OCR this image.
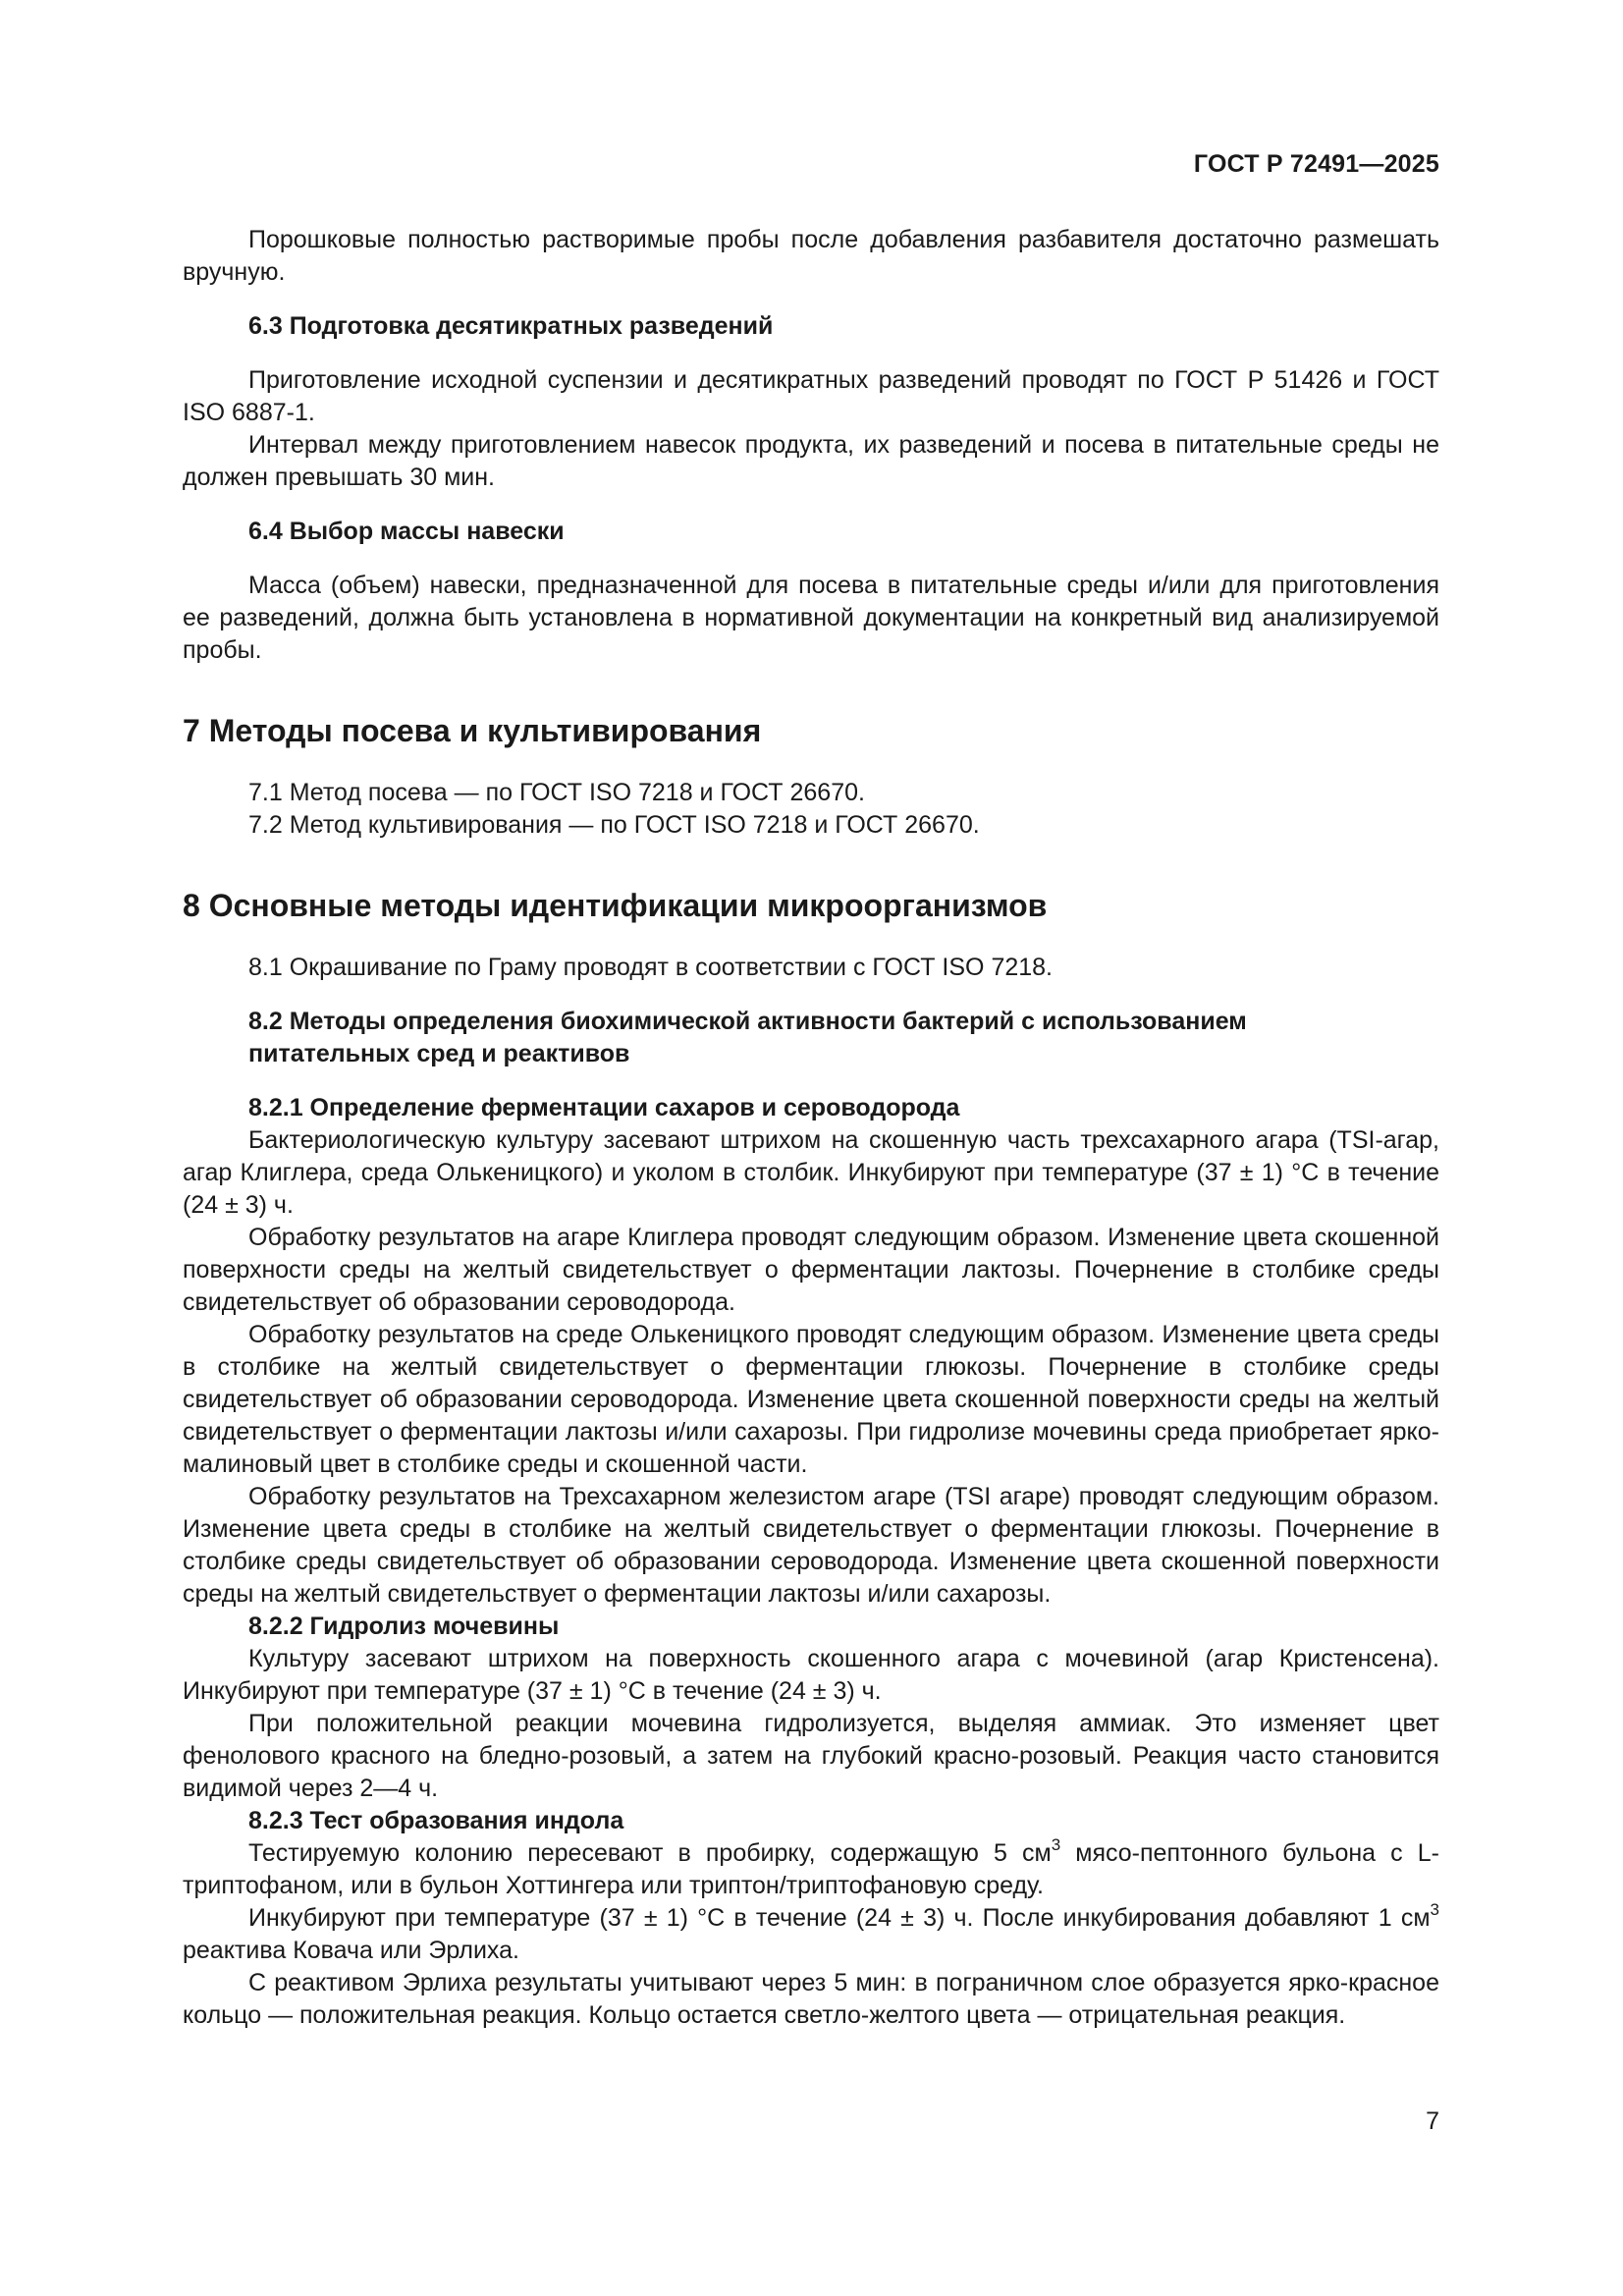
ГОСТ Р 72491—2025

Порошковые полностью растворимые пробы после добавления разбавителя достаточно размешать вручную.

6.3 Подготовка десятикратных разведений

Приготовление исходной суспензии и десятикратных разведений проводят по ГОСТ Р 51426 и ГОСТ ISO 6887-1.

Интервал между приготовлением навесок продукта, их разведений и посева в питательные среды не должен превышать 30 мин.

6.4 Выбор массы навески

Масса (объем) навески, предназначенной для посева в питательные среды и/или для приготовления ее разведений, должна быть установлена в нормативной документации на конкретный вид анализируемой пробы.

7 Методы посева и культивирования

7.1 Метод посева — по ГОСТ ISO 7218 и ГОСТ 26670.

7.2 Метод культивирования — по ГОСТ ISO 7218 и ГОСТ 26670.

8 Основные методы идентификации микроорганизмов

8.1 Окрашивание по Граму проводят в соответствии с ГОСТ ISO 7218.

8.2 Методы определения биохимической активности бактерий с использованием питательных сред и реактивов
8.2.1 Определение ферментации сахаров и сероводорода

Бактериологическую культуру засевают штрихом на скошенную часть трехсахарного агара (TSI-агар, агар Клиглера, среда Олькеницкого) и уколом в столбик. Инкубируют при температуре (37 ± 1) °С в течение (24 ± 3) ч.

Обработку результатов на агаре Клиглера проводят следующим образом. Изменение цвета скошенной поверхности среды на желтый свидетельствует о ферментации лактозы. Почернение в столбике среды свидетельствует об образовании сероводорода.

Обработку результатов на среде Олькеницкого проводят следующим образом. Изменение цвета среды в столбике на желтый свидетельствует о ферментации глюкозы. Почернение в столбике среды свидетельствует об образовании сероводорода. Изменение цвета скошенной поверхности среды на желтый свидетельствует о ферментации лактозы и/или сахарозы. При гидролизе мочевины среда приобретает ярко-малиновый цвет в столбике среды и скошенной части.

Обработку результатов на Трехсахарном железистом агаре (TSI агаре) проводят следующим образом. Изменение цвета среды в столбике на желтый свидетельствует о ферментации глюкозы. Почернение в столбике среды свидетельствует об образовании сероводорода. Изменение цвета скошенной поверхности среды на желтый свидетельствует о ферментации лактозы и/или сахарозы.

8.2.2 Гидролиз мочевины

Культуру засевают штрихом на поверхность скошенного агара с мочевиной (агар Кристенсена). Инкубируют при температуре (37 ± 1) °С в течение (24 ± 3) ч.

При положительной реакции мочевина гидролизуется, выделяя аммиак. Это изменяет цвет фенолового красного на бледно-розовый, а затем на глубокий красно-розовый. Реакция часто становится видимой через 2—4 ч.

8.2.3 Тест образования индола

Тестируемую колонию пересевают в пробирку, содержащую 5 $см^3$ мясо-пептонного бульона с L-триптофаном, или в бульон Хоттингера или триптон/триптофановую среду.

Инкубируют при температуре (37 ± 1) °С в течение (24 ± 3) ч. После инкубирования добавляют 1 $см^3$ реактива Ковача или Эрлиха.

С реактивом Эрлиха результаты учитывают через 5 мин: в пограничном слое образуется ярко-красное кольцо — положительная реакция. Кольцо остается светло-желтого цвета — отрицательная реакция.

7
